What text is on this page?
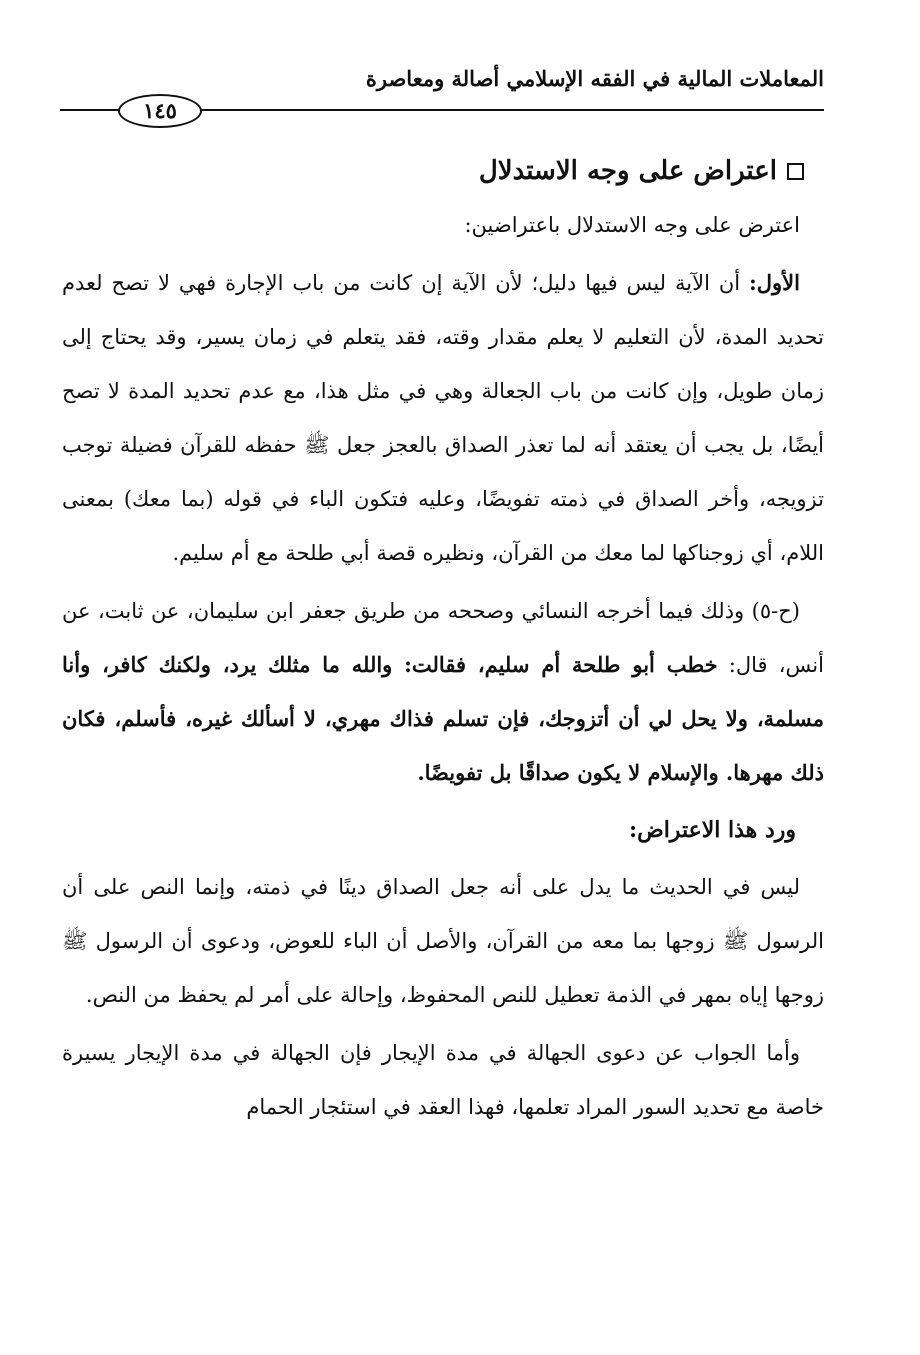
المعاملات المالية في الفقه الإسلامي أصالة ومعاصرة
١٤٥
اعتراض على وجه الاستدلال

اعترض على وجه الاستدلال باعتراضين:

الأول: أن الآية ليس فيها دليل؛ لأن الآية إن كانت من باب الإجارة فهي لا تصح لعدم تحديد المدة، لأن التعليم لا يعلم مقدار وقته، فقد يتعلم في زمان يسير، وقد يحتاج إلى زمان طويل، وإن كانت من باب الجعالة وهي في مثل هذا، مع عدم تحديد المدة لا تصح أيضًا، بل يجب أن يعتقد أنه لما تعذر الصداق بالعجز جعل ﷺ حفظه للقرآن فضيلة توجب تزويجه، وأخر الصداق في ذمته تفويضًا، وعليه فتكون الباء في قوله (بما معك) بمعنى اللام، أي زوجناكها لما معك من القرآن، ونظيره قصة أبي طلحة مع أم سليم.

(ح-٥) وذلك فيما أخرجه النسائي وصححه من طريق جعفر ابن سليمان، عن ثابت، عن أنس، قال: خطب أبو طلحة أم سليم، فقالت: والله ما مثلك يرد، ولكنك كافر، وأنا مسلمة، ولا يحل لي أن أتزوجك، فإن تسلم فذاك مهري، لا أسألك غيره، فأسلم، فكان ذلك مهرها. والإسلام لا يكون صداقًا بل تفويضًا.

ورد هذا الاعتراض:

ليس في الحديث ما يدل على أنه جعل الصداق دينًا في ذمته، وإنما النص على أن الرسول ﷺ زوجها بما معه من القرآن، والأصل أن الباء للعوض، ودعوى أن الرسول ﷺ زوجها إياه بمهر في الذمة تعطيل للنص المحفوظ، وإحالة على أمر لم يحفظ من النص.

وأما الجواب عن دعوى الجهالة في مدة الإيجار فإن الجهالة في مدة الإيجار يسيرة خاصة مع تحديد السور المراد تعلمها، فهذا العقد في استئجار الحمام
